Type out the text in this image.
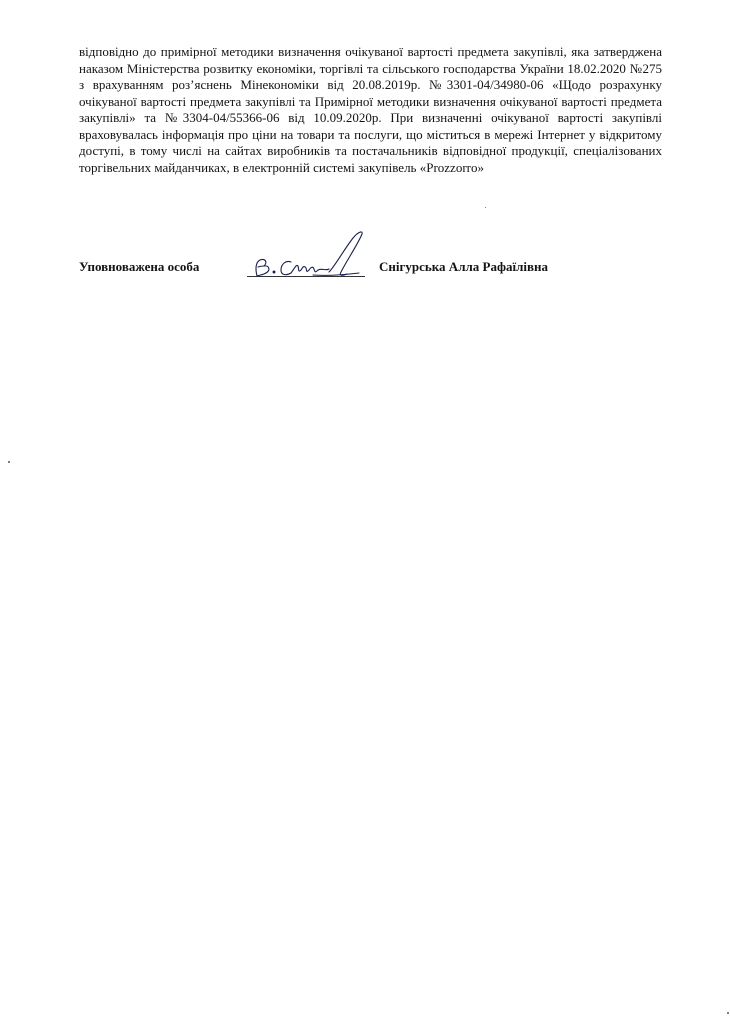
відповідно до примірної методики визначення очікуваної вартості предмета закупівлі, яка затверджена наказом Міністерства розвитку економіки, торгівлі та сільського господарства України 18.02.2020 №275 з врахуванням роз’яснень Мінекономіки від 20.08.2019р. №3301-04/34980-06 «Щодо розрахунку очікуваної вартості предмета закупівлі та Примірної методики визначення очікуваної вартості предмета закупівлі» та №3304-04/55366-06 від 10.09.2020р. При визначенні очікуваної вартості закупівлі враховувалась інформація про ціни на товари та послуги, що міститься в мережі Інтернет у відкритому доступі, в тому числі на сайтах виробників та постачальників відповідної продукції, спеціалізованих торгівельних майданчиках, в електронній системі закупівель «Prozzorro»

Уповноважена особа	Снігурська Алла Рафаїлівна
